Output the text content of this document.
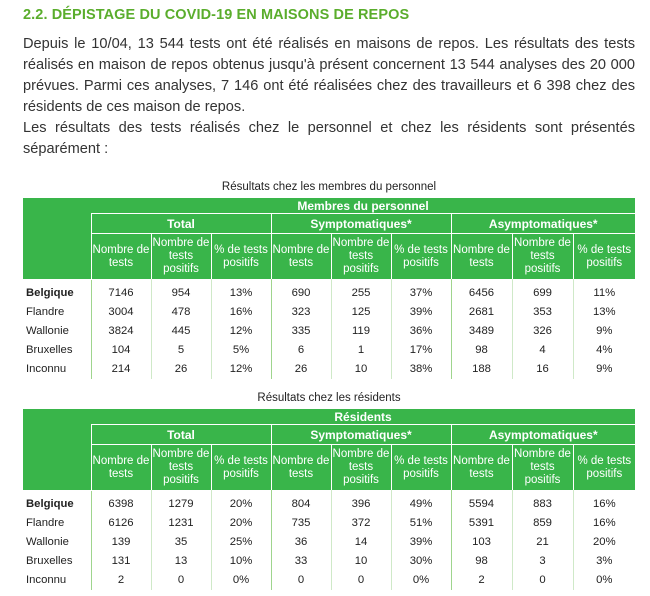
2.2. DÉPISTAGE DU COVID-19 EN MAISONS DE REPOS

Depuis le 10/04, 13 544 tests ont été réalisés en maisons de repos. Les résultats des tests réalisés en maison de repos obtenus jusqu'à présent concernent 13 544 analyses des 20 000 prévues. Parmi ces analyses, 7 146 ont été réalisées chez des travailleurs et 6 398 chez des résidents de ces maison de repos.

Les résultats des tests réalisés chez le personnel et chez les résidents sont présentés séparément :

Résultats chez les membres du personnel
	Membres du personnel								
	Total			Symptomatiques*			Asymptomatiques*		
	Nombre de tests	Nombre de tests positifs	% de tests positifs	Nombre de tests	Nombre de tests positifs	% de tests positifs	Nombre de tests	Nombre de tests positifs	% de tests positifs
Belgique	7146	954	13%	690	255	37%	6456	699	11%
Flandre	3004	478	16%	323	125	39%	2681	353	13%
Wallonie	3824	445	12%	335	119	36%	3489	326	9%
Bruxelles	104	5	5%	6	1	17%	98	4	4%
Inconnu	214	26	12%	26	10	38%	188	16	9%
Résultats chez les résidents
	Résidents								
	Total			Symptomatiques*			Asymptomatiques*		
	Nombre de tests	Nombre de tests positifs	% de tests positifs	Nombre de tests	Nombre de tests positifs	% de tests positifs	Nombre de tests	Nombre de tests positifs	% de tests positifs
Belgique	6398	1279	20%	804	396	49%	5594	883	16%
Flandre	6126	1231	20%	735	372	51%	5391	859	16%
Wallonie	139	35	25%	36	14	39%	103	21	20%
Bruxelles	131	13	10%	33	10	30%	98	3	3%
Inconnu	2	0	0%	0	0	0%	2	0	0%
